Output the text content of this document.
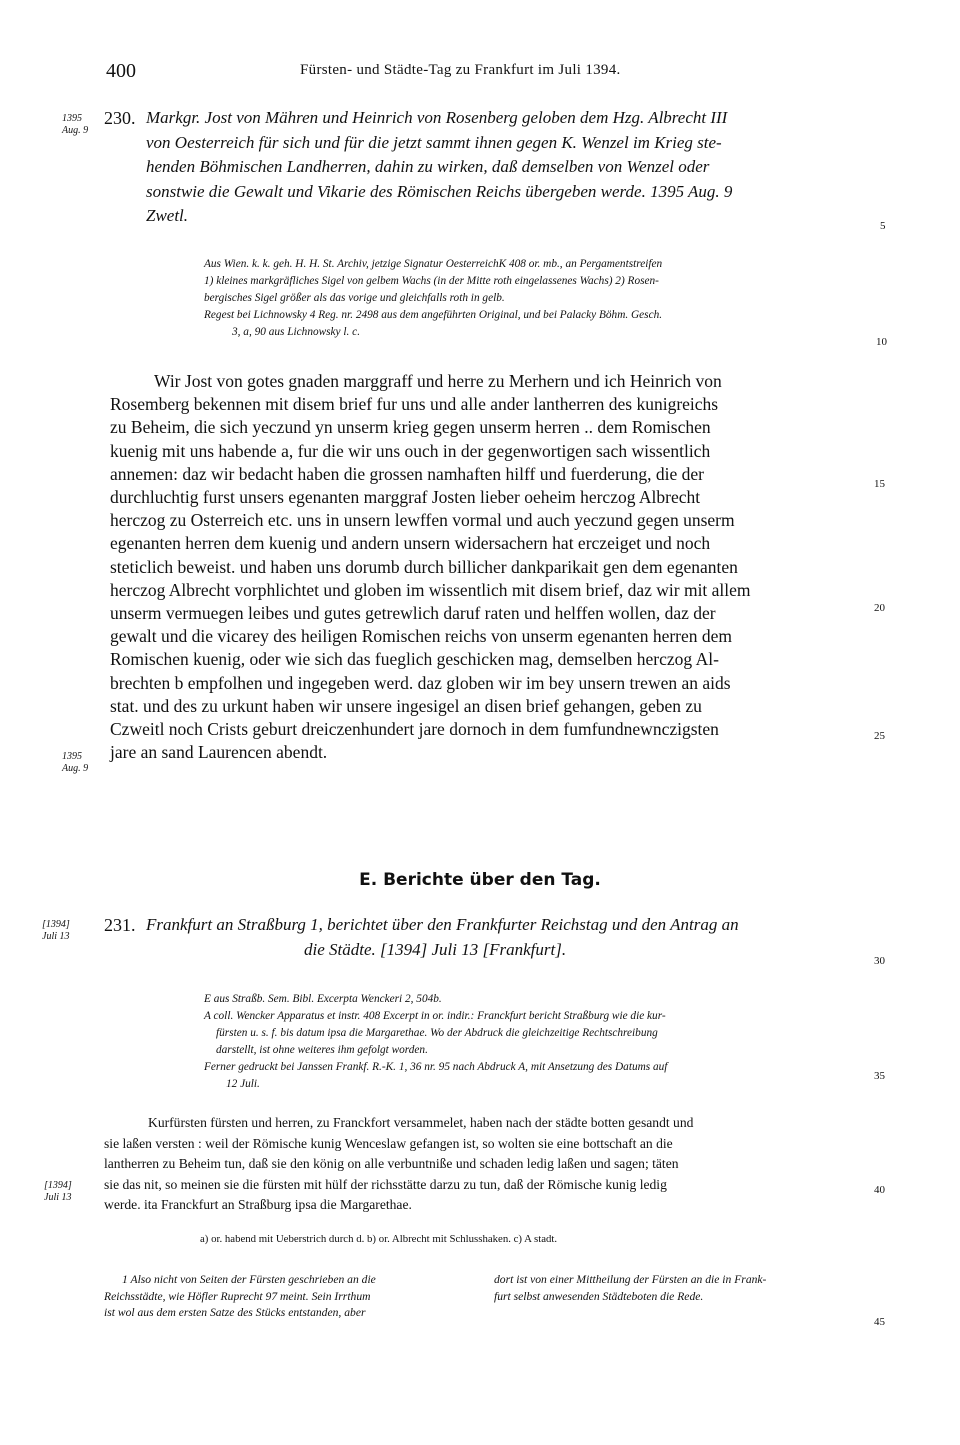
400	Fürsten- und Städte-Tag zu Frankfurt im Juli 1394.
1395
Aug. 9
230. Markgr. Jost von Mähren und Heinrich von Rosenberg geloben dem Hzg. Albrecht III
von Oesterreich für sich und für die jetzt sammt ihnen gegen K. Wenzel im Krieg ste-
henden Böhmischen Landherren, dahin zu wirken, daß demselben von Wenzel oder
sonstwie die Gewalt und Vikarie des Römischen Reichs übergeben werde. 1395 Aug. 9
Zwetl.
Aus Wien. k. k. geh. H. H. St. Archiv, jetzige Signatur OesterreichK 408 or. mb., an Pergamentstreifen
1) kleines markgräfliches Sigel von gelbem Wachs (in der Mitte roth eingelassenes Wachs) 2) Rosen-
bergisches Sigel größer als das vorige und gleichfalls roth in gelb.
Regest bei Lichnowsky 4 Reg. nr. 2498 aus dem angeführten Original, und bei Palacky Böhm. Gesch.
3, a, 90 aus Lichnowsky l. c.
Wir Jost von gotes gnaden marggraff und herre zu Merhern und ich Heinrich von
Rosemberg bekennen mit disem brief fur uns und alle ander lantherren des kunigreichs
zu Beheim, die sich yeczund yn unserm krieg gegen unserm herren .. dem Romischen
kuenig mit uns habende a, fur die wir uns ouch in der gegenwortigen sach wissentlich
annemen: daz wir bedacht haben die grossen namhaften hilff und fuerderung, die der
durchluchtig furst unsers egenanten marggraf Josten lieber oeheim herczog Albrecht
herczog zu Osterreich etc. uns in unsern lewffen vormal und auch yeczund gegen unserm
egenanten herren dem kuenig und andern unsern widersachern hat erczeiget und noch
steticlich beweist. und haben uns dorumb durch billicher dankparikait gen dem egenanten
herczog Albrecht vorphlichtet und globen im wissentlich mit disem brief, daz wir mit allem
unserm vermuegen leibes und gutes getrewlich daruf raten und helffen wollen, daz der
gewalt und die vicarey des heiligen Romischen reichs von unserm egenanten herren dem
Romischen kuenig, oder wie sich das fueglich geschicken mag, demselben herczog Al-
brechten b empfolhen und ingegeben werd. daz globen wir im bey unsern trewen an aids
stat. und des zu urkunt haben wir unsere ingesigel an disen brief gehangen, geben zu
Czweitl noch Crists geburt dreiczenhundert jare dornoch in dem fumfundnewnczigsten
jare an sand Laurencen abendt.
1395
Aug. 9
E. Berichte über den Tag.
[1394]
Juli 13
231. Frankfurt an Straßburg 1, berichtet über den Frankfurter Reichstag und den Antrag an
die Städte. [1394] Juli 13 [Frankfurt].
E aus Straßb. Sem. Bibl. Excerpta Wenckeri 2, 504b.
A coll. Wencker Apparatus et instr. 408 Excerpt in or. indir.: Franckfurt bericht Straßburg wie die kur-
fürsten u. s. f. bis datum ipsa die Margarethae. Wo der Abdruck die gleichzeitige Rechtschreibung
darstellt, ist ohne weiteres ihm gefolgt worden.
Ferner gedruckt bei Janssen Frankf. R.-K. 1, 36 nr. 95 nach Abdruck A, mit Ansetzung des Datums auf
12 Juli.
Kurfürsten fürsten und herren, zu Franckfort versammelet, haben nach der städte botten gesandt und
sie laßen versten : weil der Römische kunig Wenceslaw gefangen ist, so wolten sie eine bottschaft an die
lantherren zu Beheim tun, daß sie den könig on alle verbuntniße und schaden ledig laßen und sagen; täten
sie das nit, so meinen sie die fürsten mit hülf der richsstätte darzu zu tun, daß der Römische kunig ledig
werde. ita Franckfurt an Straßburg ipsa die Margarethae.
[1394]
Juli 13
a) or. habend mit Ueberstrich durch d. b) or. Albrecht mit Schlusshaken. c) A stadt.
1 Also nicht von Seiten der Fürsten geschrieben an die
Reichsstädte, wie Höfler Ruprecht 97 meint. Sein Irrthum
ist wol aus dem ersten Satze des Stücks entstanden, aber
dort ist von einer Mittheilung der Fürsten an die in Frank-
furt selbst anwesenden Städteboten die Rede.
5
10
15
20
25
30
35
40
45
